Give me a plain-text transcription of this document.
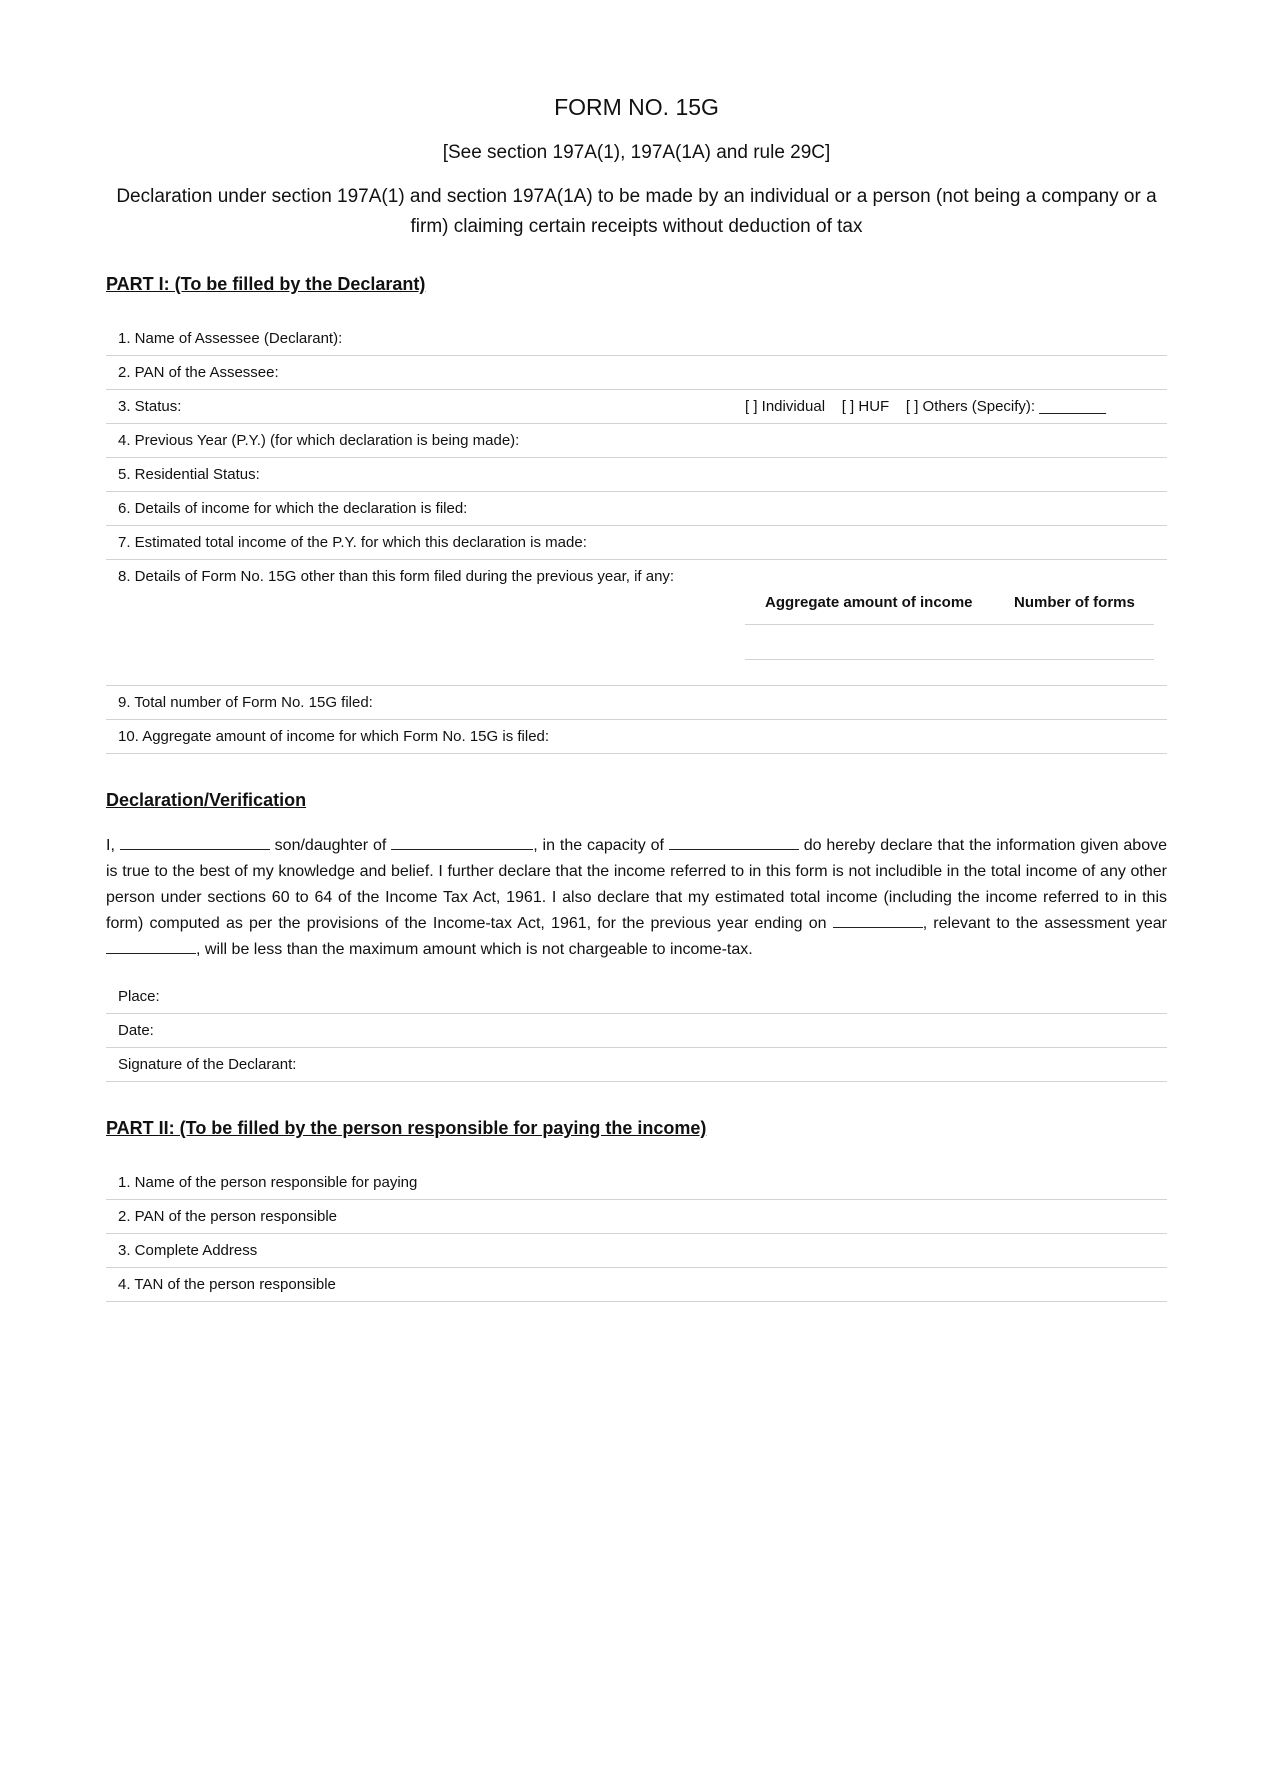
FORM NO. 15G
[See section 197A(1), 197A(1A) and rule 29C]
Declaration under section 197A(1) and section 197A(1A) to be made by an individual or a person (not being a company or a firm) claiming certain receipts without deduction of tax
PART I: (To be filled by the Declarant)
1. Name of Assessee (Declarant):
2. PAN of the Assessee:
3. Status:	[ ] Individual    [ ] HUF    [ ] Others (Specify): ________
4. Previous Year (P.Y.) (for which declaration is being made):
5. Residential Status:
6. Details of income for which the declaration is filed:
7. Estimated total income of the P.Y. for which this declaration is made:
8. Details of Form No. 15G other than this form filed during the previous year, if any:
Aggregate amount of income	Number of forms
9. Total number of Form No. 15G filed:
10. Aggregate amount of income for which Form No. 15G is filed:
Declaration/Verification
I,	son/daughter of	, in the capacity of	do hereby declare that the information given above is true to the best of my knowledge and belief. I further declare that the income referred to in this form is not includible in the total income of any other person under sections 60 to 64 of the Income Tax Act, 1961. I also declare that my estimated total income (including the income referred to in this form) computed as per the provisions of the Income-tax Act, 1961, for the previous year ending on	, relevant to the assessment year , will be less than the maximum amount which is not chargeable to income-tax.
Place:
Date:
Signature of the Declarant:
PART II: (To be filled by the person responsible for paying the income)
1. Name of the person responsible for paying
2. PAN of the person responsible
3. Complete Address
4. TAN of the person responsible
